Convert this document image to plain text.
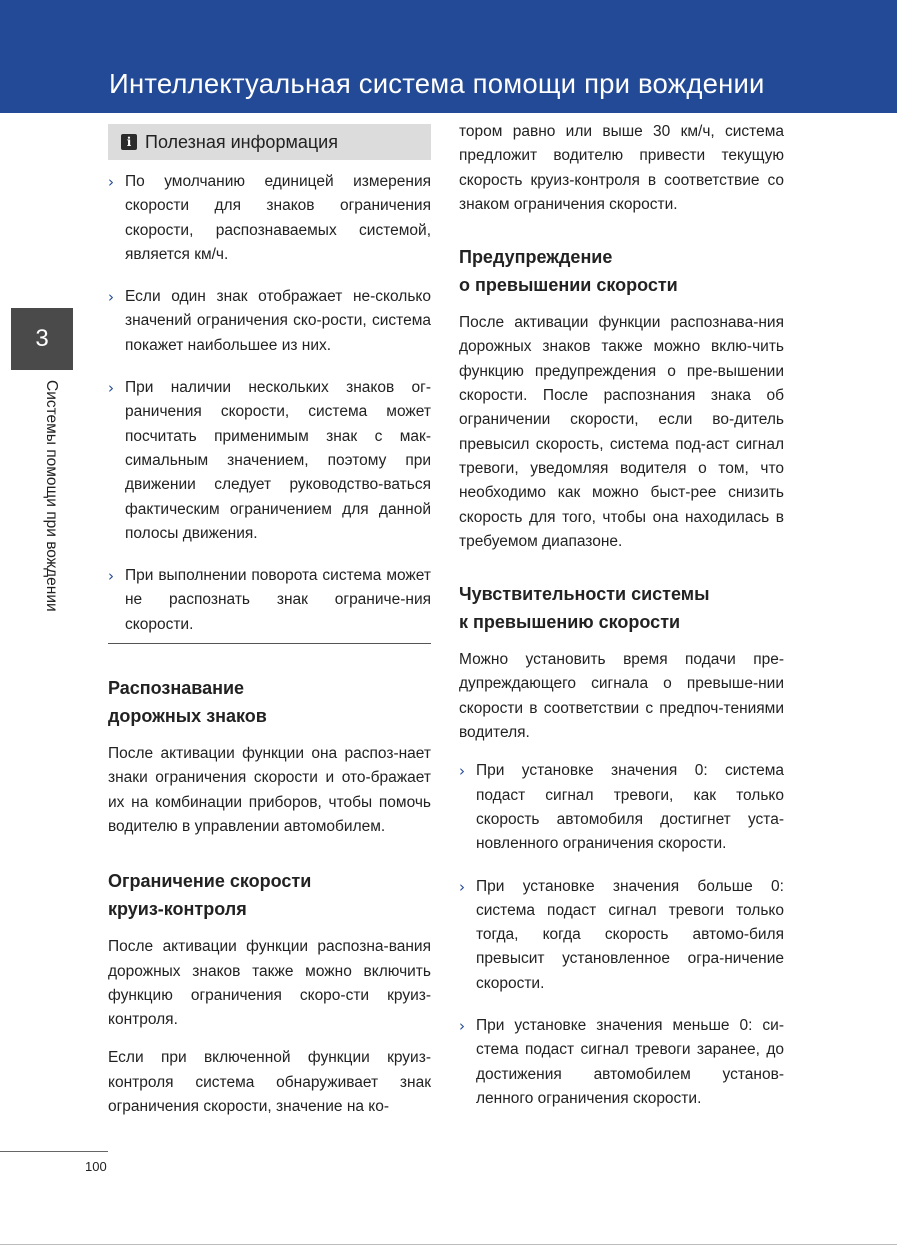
Интеллектуальная система помощи при вождении
3
Системы помощи при вождении
i Полезная информация
› По умолчанию единицей измерения скорости для знаков ограничения скорости, распознаваемых системой, является км/ч.

› Если один знак отображает не-сколько значений ограничения ско-рости, система покажет наибольшее из них.

› При наличии нескольких знаков ог-раничения скорости, система может посчитать применимым знак с мак-симальным значением, поэтому при движении следует руководство-ваться фактическим ограничением для данной полосы движения.

› При выполнении поворота система может не распознать знак ограниче-ния скорости.

Распознавание

дорожных знаков

После активации функции она распоз-нает знаки ограничения скорости и ото-бражает их на комбинации приборов, чтобы помочь водителю в управлении автомобилем.

Ограничение скорости

круиз-контроля

После активации функции распозна-вания дорожных знаков также можно включить функцию ограничения скоро-сти круиз-контроля.

Если при включенной функции круиз-контроля система обнаруживает знак ограничения скорости, значение на ко-

тором равно или выше 30 км/ч, система предложит водителю привести текущую скорость круиз-контроля в соответствие со знаком ограничения скорости.

Предупреждение

о превышении скорости

После активации функции распознава-ния дорожных знаков также можно вклю-чить функцию предупреждения о пре-вышении скорости. После распознания знака об ограничении скорости, если во-дитель превысил скорость, система под-аст сигнал тревоги, уведомляя водителя о том, что необходимо как можно быст-рее снизить скорость для того, чтобы она находилась в требуемом диапазоне.

Чувствительности системы

к превышению скорости

Можно установить время подачи пре-дупреждающего сигнала о превыше-нии скорости в соответствии с предпоч-тениями водителя.

› При установке значения 0: система подаст сигнал тревоги, как только скорость автомобиля достигнет уста-новленного ограничения скорости.

› При установке значения больше 0: система подаст сигнал тревоги только тогда, когда скорость автомо-биля превысит установленное огра-ничение скорости.

› При установке значения меньше 0: си-стема подаст сигнал тревоги заранее, до достижения автомобилем установ-ленного ограничения скорости.

100
